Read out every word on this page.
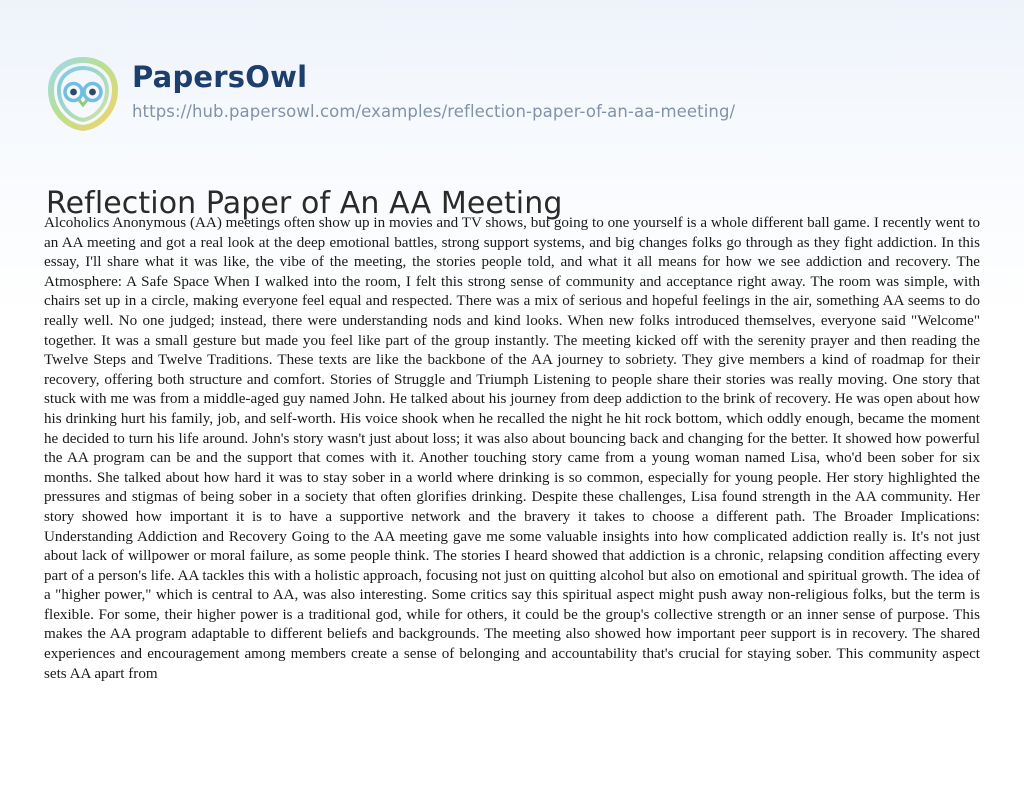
PapersOwl
https://hub.papersowl.com/examples/reflection-paper-of-an-aa-meeting/
Reflection Paper of An AA Meeting
Alcoholics Anonymous (AA) meetings often show up in movies and TV shows, but going to one yourself is a whole different ball game. I recently went to an AA meeting and got a real look at the deep emotional battles, strong support systems, and big changes folks go through as they fight addiction. In this essay, I'll share what it was like, the vibe of the meeting, the stories people told, and what it all means for how we see addiction and recovery. The Atmosphere: A Safe Space When I walked into the room, I felt this strong sense of community and acceptance right away. The room was simple, with chairs set up in a circle, making everyone feel equal and respected. There was a mix of serious and hopeful feelings in the air, something AA seems to do really well. No one judged; instead, there were understanding nods and kind looks. When new folks introduced themselves, everyone said "Welcome" together. It was a small gesture but made you feel like part of the group instantly. The meeting kicked off with the serenity prayer and then reading the Twelve Steps and Twelve Traditions. These texts are like the backbone of the AA journey to sobriety. They give members a kind of roadmap for their recovery, offering both structure and comfort. Stories of Struggle and Triumph Listening to people share their stories was really moving. One story that stuck with me was from a middle-aged guy named John. He talked about his journey from deep addiction to the brink of recovery. He was open about how his drinking hurt his family, job, and self-worth. His voice shook when he recalled the night he hit rock bottom, which oddly enough, became the moment he decided to turn his life around. John's story wasn't just about loss; it was also about bouncing back and changing for the better. It showed how powerful the AA program can be and the support that comes with it. Another touching story came from a young woman named Lisa, who'd been sober for six months. She talked about how hard it was to stay sober in a world where drinking is so common, especially for young people. Her story highlighted the pressures and stigmas of being sober in a society that often glorifies drinking. Despite these challenges, Lisa found strength in the AA community. Her story showed how important it is to have a supportive network and the bravery it takes to choose a different path. The Broader Implications: Understanding Addiction and Recovery Going to the AA meeting gave me some valuable insights into how complicated addiction really is. It's not just about lack of willpower or moral failure, as some people think. The stories I heard showed that addiction is a chronic, relapsing condition affecting every part of a person's life. AA tackles this with a holistic approach, focusing not just on quitting alcohol but also on emotional and spiritual growth. The idea of a "higher power," which is central to AA, was also interesting. Some critics say this spiritual aspect might push away non-religious folks, but the term is flexible. For some, their higher power is a traditional god, while for others, it could be the group's collective strength or an inner sense of purpose. This makes the AA program adaptable to different beliefs and backgrounds. The meeting also showed how important peer support is in recovery. The shared experiences and encouragement among members create a sense of belonging and accountability that's crucial for staying sober. This community aspect sets AA apart from
